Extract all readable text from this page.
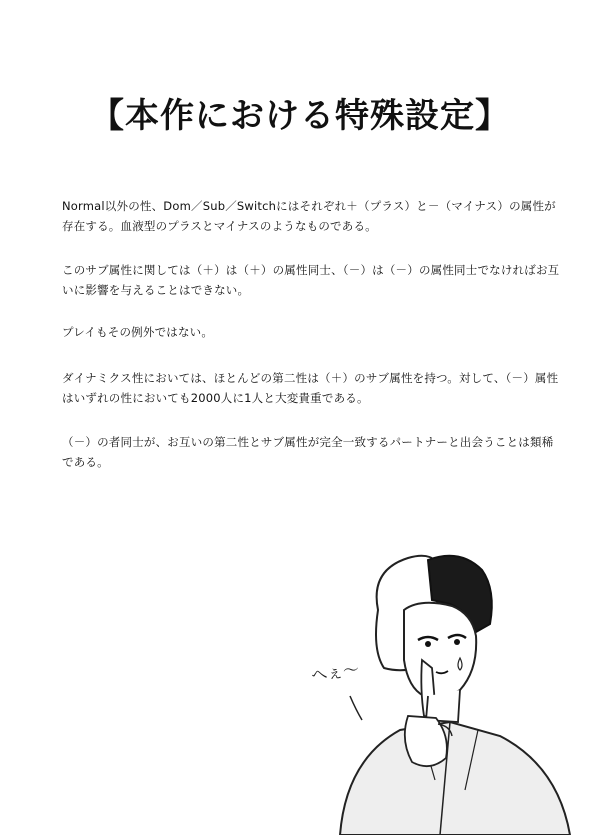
【本作における特殊設定】
Normal以外の性、Dom／Sub／Switchにはそれぞれ＋（プラス）と－（マイナス）の属性が存在する。血液型のプラスとマイナスのようなものである。
このサブ属性に関しては（＋）は（＋）の属性同士、（－）は（－）の属性同士でなければお互いに影響を与えることはできない。
プレイもその例外ではない。
ダイナミクス性においては、ほとんどの第二性は（＋）のサブ属性を持つ。対して、（－）属性はいずれの性においても2000人に1人と大変貴重である。
（－）の者同士が、お互いの第二性とサブ属性が完全一致するパートナーと出会うことは類稀である。
へぇ～
